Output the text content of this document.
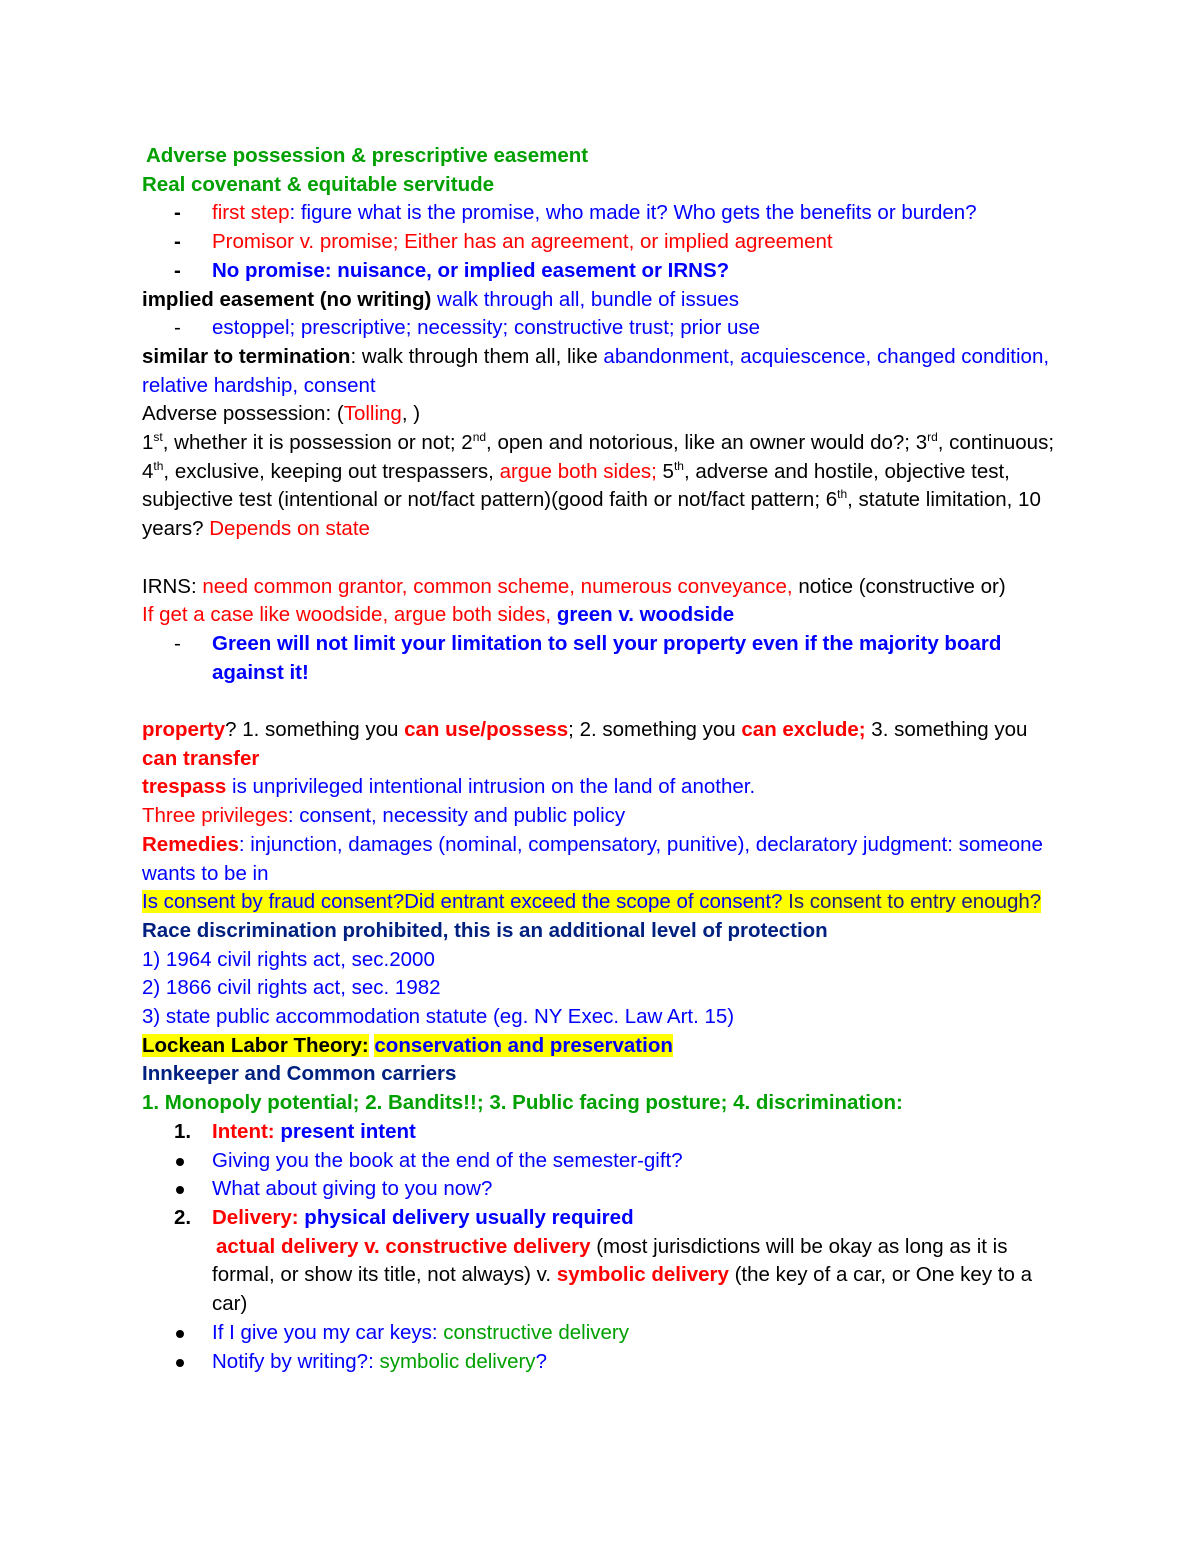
Adverse possession & prescriptive easement
Real covenant & equitable servitude
-	first step: figure what is the promise, who made it? Who gets the benefits or burden?
-	Promisor v. promise; Either has an agreement, or implied agreement
-	No promise: nuisance, or implied easement or IRNS?
implied easement (no writing) walk through all, bundle of issues
-	estoppel; prescriptive; necessity; constructive trust; prior use
similar to termination: walk through them all, like abandonment, acquiescence, changed condition, relative hardship, consent
Adverse possession: (Tolling, )
1st, whether it is possession or not; 2nd, open and notorious, like an owner would do?; 3rd, continuous; 4th, exclusive, keeping out trespassers, argue both sides; 5th, adverse and hostile, objective test, subjective test (intentional or not/fact pattern)(good faith or not/fact pattern; 6th, statute limitation, 10 years? Depends on state
IRNS: need common grantor, common scheme, numerous conveyance, notice (constructive or)
If get a case like woodside, argue both sides, green v. woodside
-	Green will not limit your limitation to sell your property even if the majority board against it!
property? 1. something you can use/possess; 2. something you can exclude; 3. something you can transfer
trespass is unprivileged intentional intrusion on the land of another.
Three privileges: consent, necessity and public policy
Remedies: injunction, damages (nominal, compensatory, punitive), declaratory judgment: someone wants to be in
Is consent by fraud consent?Did entrant exceed the scope of consent? Is consent to entry enough?
Race discrimination prohibited, this is an additional level of protection
1) 1964 civil rights act, sec.2000
2) 1866 civil rights act, sec. 1982
3) state public accommodation statute (eg. NY Exec. Law Art. 15)
Lockean Labor Theory: conservation and preservation
Innkeeper and Common carriers
1. Monopoly potential; 2. Bandits!!; 3. Public facing posture; 4. discrimination:
1.	Intent: present intent
Giving you the book at the end of the semester-gift?
What about giving to you now?
2.	Delivery: physical delivery usually required
actual delivery v. constructive delivery (most jurisdictions will be okay as long as it is formal, or show its title, not always) v. symbolic delivery (the key of a car, or One key to a car)
If I give you my car keys: constructive delivery
Notify by writing?: symbolic delivery?
